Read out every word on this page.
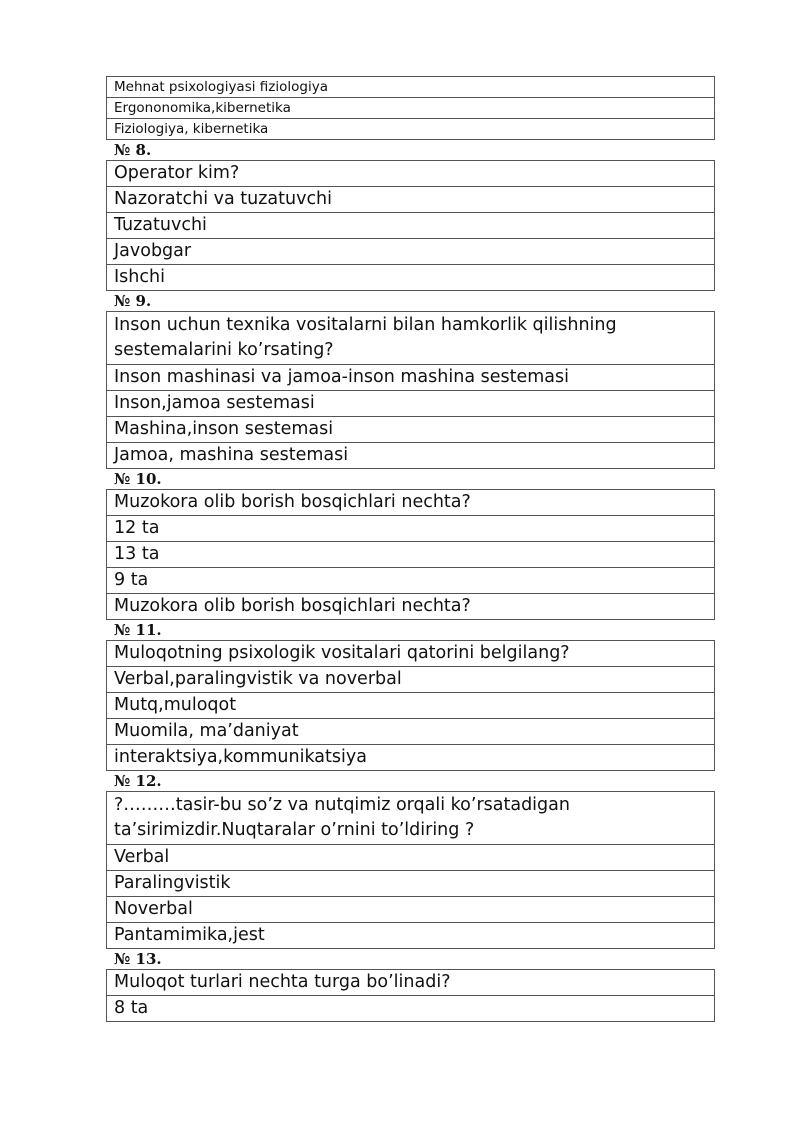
Mehnat psixologiyasi fiziologiya
Ergononomika,kibernetika
Fiziologiya, kibernetika
№ 8.
Operator kim?
Nazoratchi va tuzatuvchi
Tuzatuvchi
Javobgar
Ishchi
№ 9.
Inson uchun texnika vositalarni bilan hamkorlik qilishning sestemalarini ko’rsating?
Inson mashinasi va jamoa-inson mashina sestemasi
Inson,jamoa sestemasi
Mashina,inson sestemasi
Jamoa, mashina sestemasi
№ 10.
Muzokora olib borish bosqichlari nechta?
12 ta
13 ta
9 ta
Muzokora olib borish bosqichlari nechta?
№ 11.
Muloqotning psixologik vositalari qatorini belgilang?
Verbal,paralingvistik va noverbal
Mutq,muloqot
Muomila, ma’daniyat
interaktsiya,kommunikatsiya
№ 12.
?………tasir-bu so’z va nutqimiz orqali ko’rsatadigan ta’sirimizdir.Nuqtaralar o’rnini to’ldiring ?
Verbal
Paralingvistik
Noverbal
Pantamimika,jest
№ 13.
Muloqot turlari nechta turga bo’linadi?
8 ta
